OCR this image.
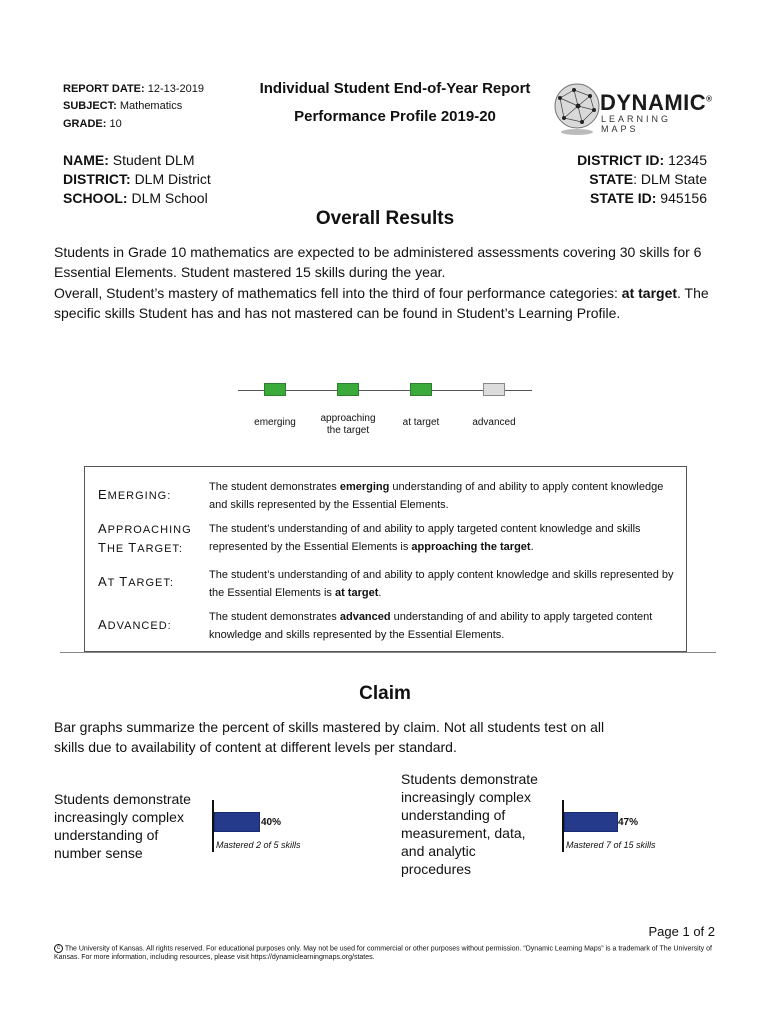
REPORT DATE: 12-13-2019
SUBJECT: Mathematics
GRADE: 10
Individual Student End-of-Year Report
Performance Profile 2019-20
DYNAMIC®
LEARNING MAPS
NAME: Student DLM
DISTRICT: DLM District
SCHOOL: DLM School
DISTRICT ID: 12345
STATE: DLM State
STATE ID: 945156
Overall Results
Students in Grade 10 mathematics are expected to be administered assessments covering 30 skills for 6 Essential Elements. Student mastered 15 skills during the year.
Overall, Student’s mastery of mathematics fell into the third of four performance categories: at target. The specific skills Student has and has not mastered can be found in Student’s Learning Profile.
emerging	approaching the target
at target	advanced
EMERGING:
The student demonstrates emerging understanding of and ability to apply content knowledge and skills represented by the Essential Elements.
APPROACHING
THE TARGET:
The student’s understanding of and ability to apply targeted content knowledge and skills represented by the Essential Elements is approaching the target.
AT TARGET:
The student’s understanding of and ability to apply content knowledge and skills represented by the Essential Elements is at target.
ADVANCED:
The student demonstrates advanced understanding of and ability to apply targeted content knowledge and skills represented by the Essential Elements.
Claim
Bar graphs summarize the percent of skills mastered by claim. Not all students test on all skills due to availability of content at different levels per standard.
Students demonstrate increasingly complex understanding of number sense
40%
Mastered 2 of 5 skills
Students demonstrate increasingly complex understanding of measurement, data, and analytic procedures
47%
Mastered 7 of 15 skills
Page 1 of 2
c The University of Kansas. All rights reserved. For educational purposes only. May not be used for commercial or other purposes without permission. “Dynamic Learning Maps” is a trademark of The University of Kansas. For more information, including resources, please visit https://dynamiclearningmaps.org/states.
